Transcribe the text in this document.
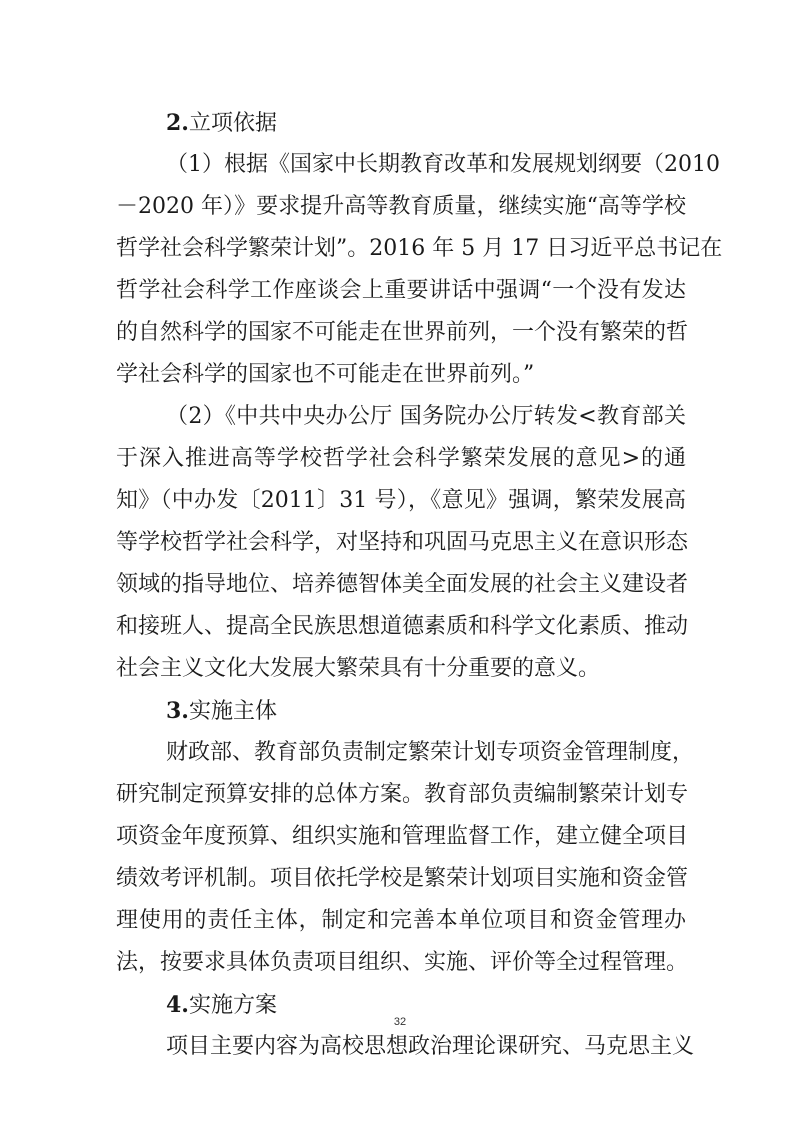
2.立项依据
（1）根据《国家中长期教育改革和发展规划纲要（2010
－2020 年）》要求提升高等教育质量，继续实施“高等学校
哲学社会科学繁荣计划”。2016 年 5 月 17 日习近平总书记在
哲学社会科学工作座谈会上重要讲话中强调“一个没有发达
的自然科学的国家不可能走在世界前列，一个没有繁荣的哲
学社会科学的国家也不可能走在世界前列。”
（2）《中共中央办公厅 国务院办公厅转发<教育部关
于深入推进高等学校哲学社会科学繁荣发展的意见>的通
知》（中办发〔2011〕31 号），《意见》强调，繁荣发展高
等学校哲学社会科学，对坚持和巩固马克思主义在意识形态
领域的指导地位、培养德智体美全面发展的社会主义建设者
和接班人、提高全民族思想道德素质和科学文化素质、推动
社会主义文化大发展大繁荣具有十分重要的意义。
3.实施主体
财政部、教育部负责制定繁荣计划专项资金管理制度，
研究制定预算安排的总体方案。教育部负责编制繁荣计划专
项资金年度预算、组织实施和管理监督工作，建立健全项目
绩效考评机制。项目依托学校是繁荣计划项目实施和资金管
理使用的责任主体，制定和完善本单位项目和资金管理办
法，按要求具体负责项目组织、实施、评价等全过程管理。
4.实施方案
项目主要内容为高校思想政治理论课研究、马克思主义
32
